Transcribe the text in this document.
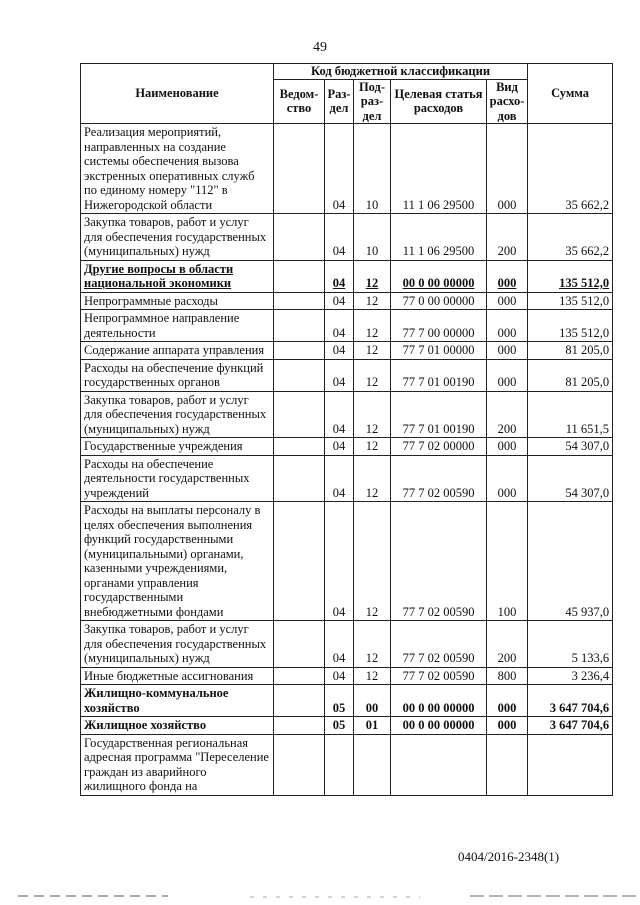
49
Наименование	Код бюджетной классификации					Сумма
	Ведом-ство	Раз-дел	Под-раз-дел	Целевая статья расходов	Вид расхо-дов	
Реализация мероприятий, направленных на создание системы обеспечения вызова экстренных оперативных служб по единому номеру "112" в Нижегородской области		04	10	11 1 06 29500	000	35 662,2
Закупка товаров, работ и услуг для обеспечения государственных (муниципальных) нужд		04	10	11 1 06 29500	200	35 662,2
Другие вопросы в области национальной экономики		04	12	00 0 00 00000	000	135 512,0
Непрограммные расходы		04	12	77 0 00 00000	000	135 512,0
Непрограммное направление деятельности		04	12	77 7 00 00000	000	135 512,0
Содержание аппарата управления		04	12	77 7 01 00000	000	81 205,0
Расходы на обеспечение функций государственных органов		04	12	77 7 01 00190	000	81 205,0
Закупка товаров, работ и услуг для обеспечения государственных (муниципальных) нужд		04	12	77 7 01 00190	200	11 651,5
Государственные учреждения		04	12	77 7 02 00000	000	54 307,0
Расходы на обеспечение деятельности государственных учреждений		04	12	77 7 02 00590	000	54 307,0
Расходы на выплаты персоналу в целях обеспечения выполнения функций государственными (муниципальными) органами, казенными учреждениями, органами управления государственными внебюджетными фондами		04	12	77 7 02 00590	100	45 937,0
Закупка товаров, работ и услуг для обеспечения государственных (муниципальных) нужд		04	12	77 7 02 00590	200	5 133,6
Иные бюджетные ассигнования		04	12	77 7 02 00590	800	3 236,4
Жилищно-коммунальное хозяйство		05	00	00 0 00 00000	000	3 647 704,6
Жилищное хозяйство		05	01	00 0 00 00000	000	3 647 704,6
Государственная региональная адресная программа "Переселение граждан из аварийного жилищного фонда на						
0404/2016-2348(1)
